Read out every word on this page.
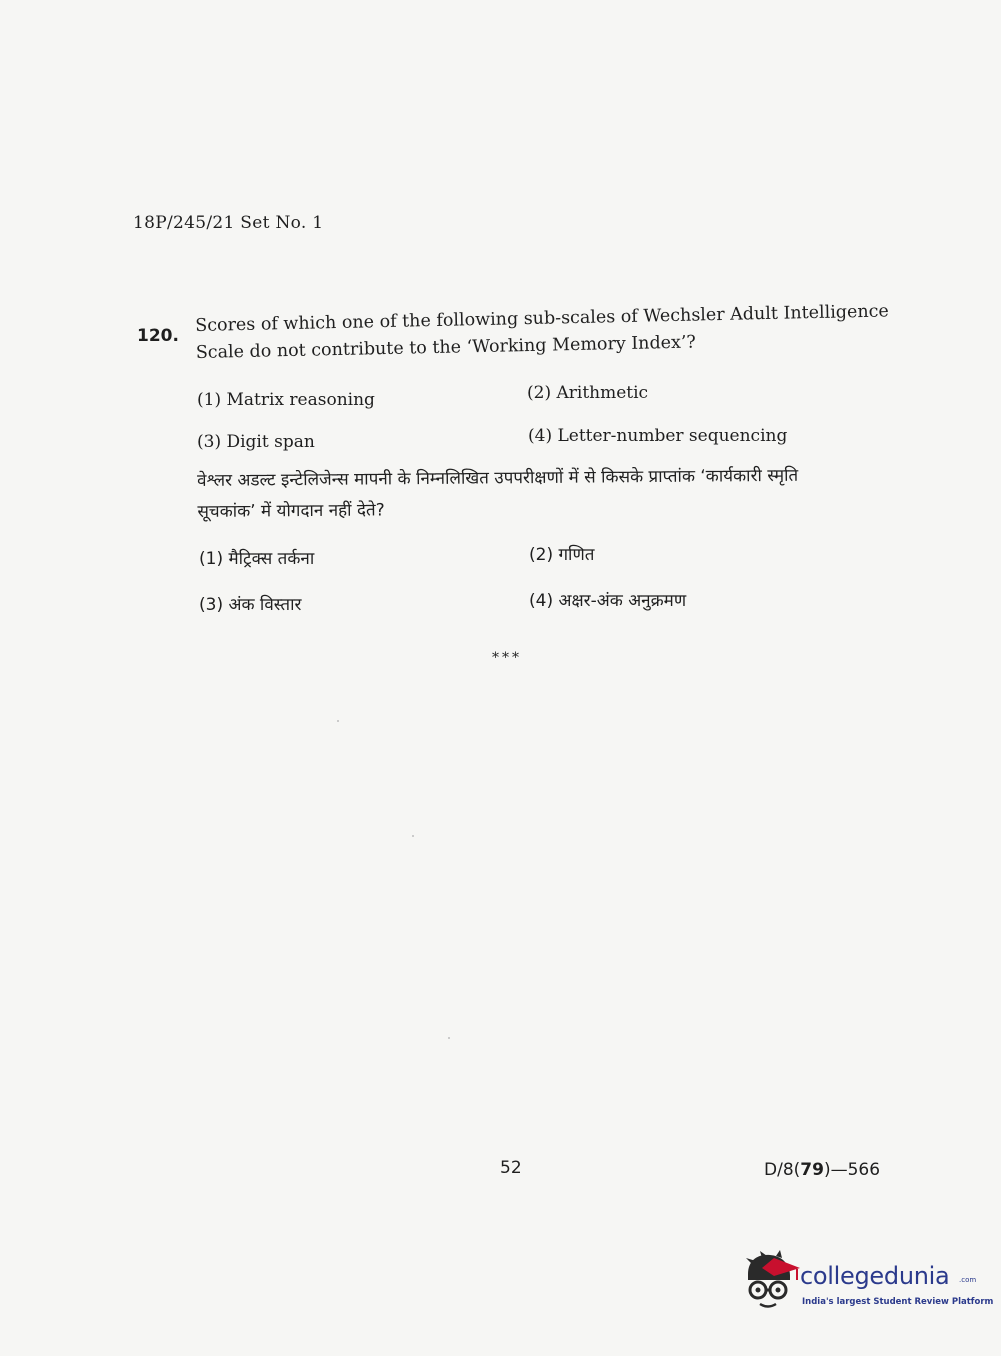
18P/245/21 Set No. 1
120.
Scores of which one of the following sub-scales of Wechsler Adult Intelligence
Scale do not contribute to the ‘Working Memory Index’?
(1) Matrix reasoning	(2) Arithmetic
(3) Digit span	(4) Letter-number sequencing
वेश्लर अडल्ट इन्टेलिजेन्स मापनी के निम्नलिखित उपपरीक्षणों में से किसके प्राप्तांक ‘कार्यकारी स्मृति
सूचकांक’ में योगदान नहीं देते?
(1) मैट्रिक्स तर्कना	(2) गणित
(3) अंक विस्तार	(4) अक्षर-अंक अनुक्रमण
***
52	D/8(79)—566
collegedunia .com
India's largest Student Review Platform
